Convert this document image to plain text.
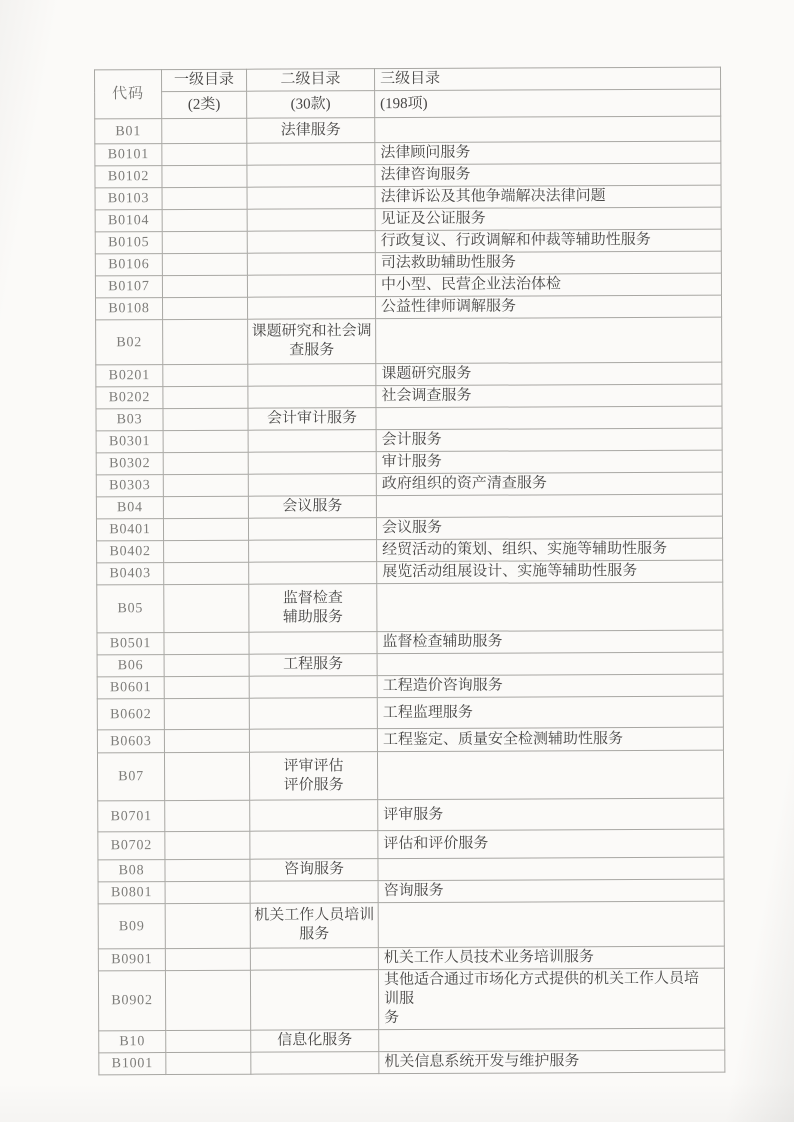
代码	一级目录	二级目录	三级目录
	(2类)	(30款)	(198项)
B01		法律服务	
B0101			法律顾问服务
B0102			法律咨询服务
B0103			法律诉讼及其他争端解决法律问题
B0104			见证及公证服务
B0105			行政复议、行政调解和仲裁等辅助性服务
B0106			司法救助辅助性服务
B0107			中小型、民营企业法治体检
B0108			公益性律师调解服务
B02		课题研究和社会调
查服务	
B0201			课题研究服务
B0202			社会调查服务
B03		会计审计服务	
B0301			会计服务
B0302			审计服务
B0303			政府组织的资产清查服务
B04		会议服务	
B0401			会议服务
B0402			经贸活动的策划、组织、实施等辅助性服务
B0403			展览活动组展设计、实施等辅助性服务
B05		监督检查
辅助服务	
B0501			监督检查辅助服务
B06		工程服务	
B0601			工程造价咨询服务
B0602			工程监理服务
B0603			工程鉴定、质量安全检测辅助性服务
B07		评审评估
评价服务	
B0701			评审服务
B0702			评估和评价服务
B08		咨询服务	
B0801			咨询服务
B09		机关工作人员培训
服务	
B0901			机关工作人员技术业务培训服务
B0902			其他适合通过市场化方式提供的机关工作人员培
训服
务
B10		信息化服务	
B1001			机关信息系统开发与维护服务
